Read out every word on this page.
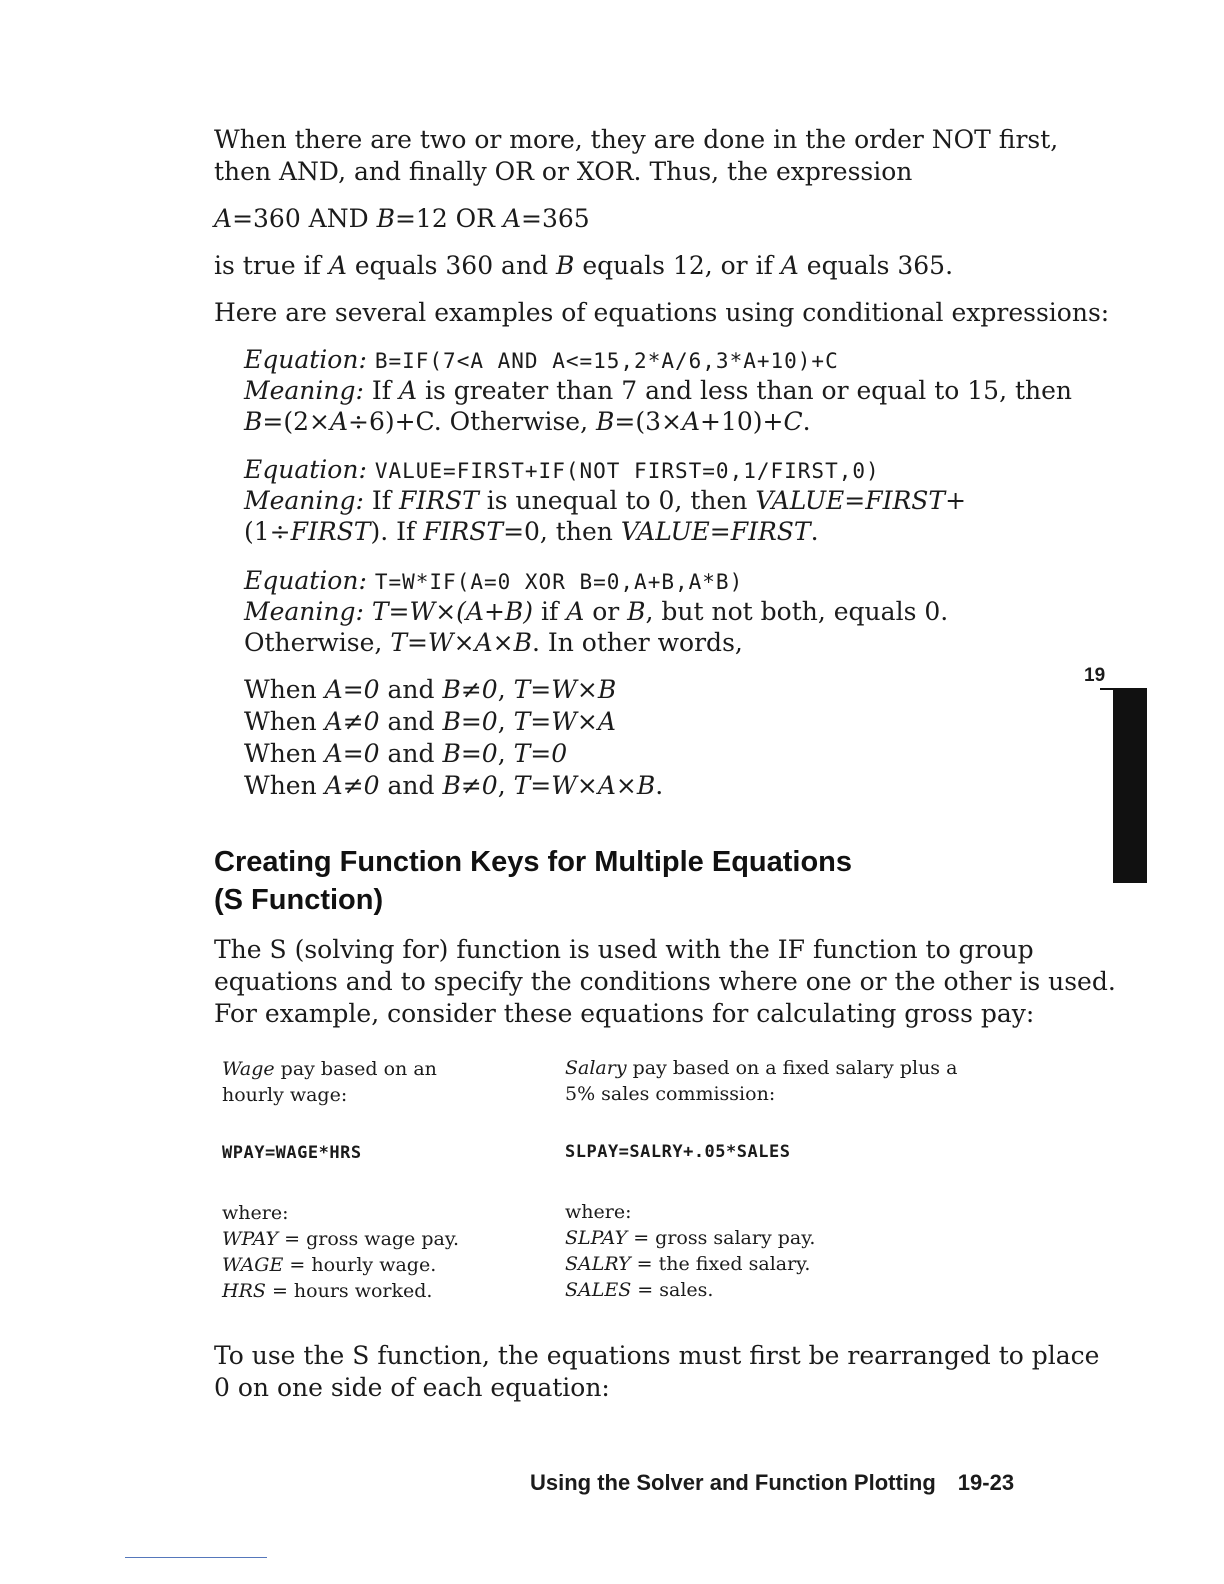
When there are two or more, they are done in the order NOT first,

then AND, and finally OR or XOR. Thus, the expression

A=360 AND B=12 OR A=365

is true if A equals 360 and B equals 12, or if A equals 365.

Here are several examples of equations using conditional expressions:

Equation: B=IF(7<A AND A<=15,2*A/6,3*A+10)+C

Meaning: If A is greater than 7 and less than or equal to 15, then

B=(2×A÷6)+C. Otherwise, B=(3×A+10)+C.

Equation: VALUE=FIRST+IF(NOT FIRST=0,1/FIRST,0)

Meaning: If FIRST is unequal to 0, then VALUE=FIRST+

(1÷FIRST). If FIRST=0, then VALUE=FIRST.

Equation: T=W*IF(A=0 XOR B=0,A+B,A*B)

Meaning: T=W×(A+B) if A or B, but not both, equals 0.

Otherwise, T=W×A×B. In other words,

When A=0 and B≠0, T=W×B

When A≠0 and B=0, T=W×A

When A=0 and B=0, T=0

When A≠0 and B≠0, T=W×A×B.

Creating Function Keys for Multiple Equations
(S Function)

The S (solving for) function is used with the IF function to group

equations and to specify the conditions where one or the other is used.

For example, consider these equations for calculating gross pay:

Wage pay based on an
hourly wage:
WPAY=WAGE*HRS
where:
WPAY = gross wage pay.
WAGE = hourly wage.
HRS = hours worked.
Salary pay based on a fixed salary plus a
5% sales commission:
SLPAY=SALRY+.05*SALES
where:
SLPAY = gross salary pay.
SALRY = the fixed salary.
SALES = sales.

To use the S function, the equations must first be rearranged to place

0 on one side of each equation:

19
Using the Solver and Function Plotting 19-23
